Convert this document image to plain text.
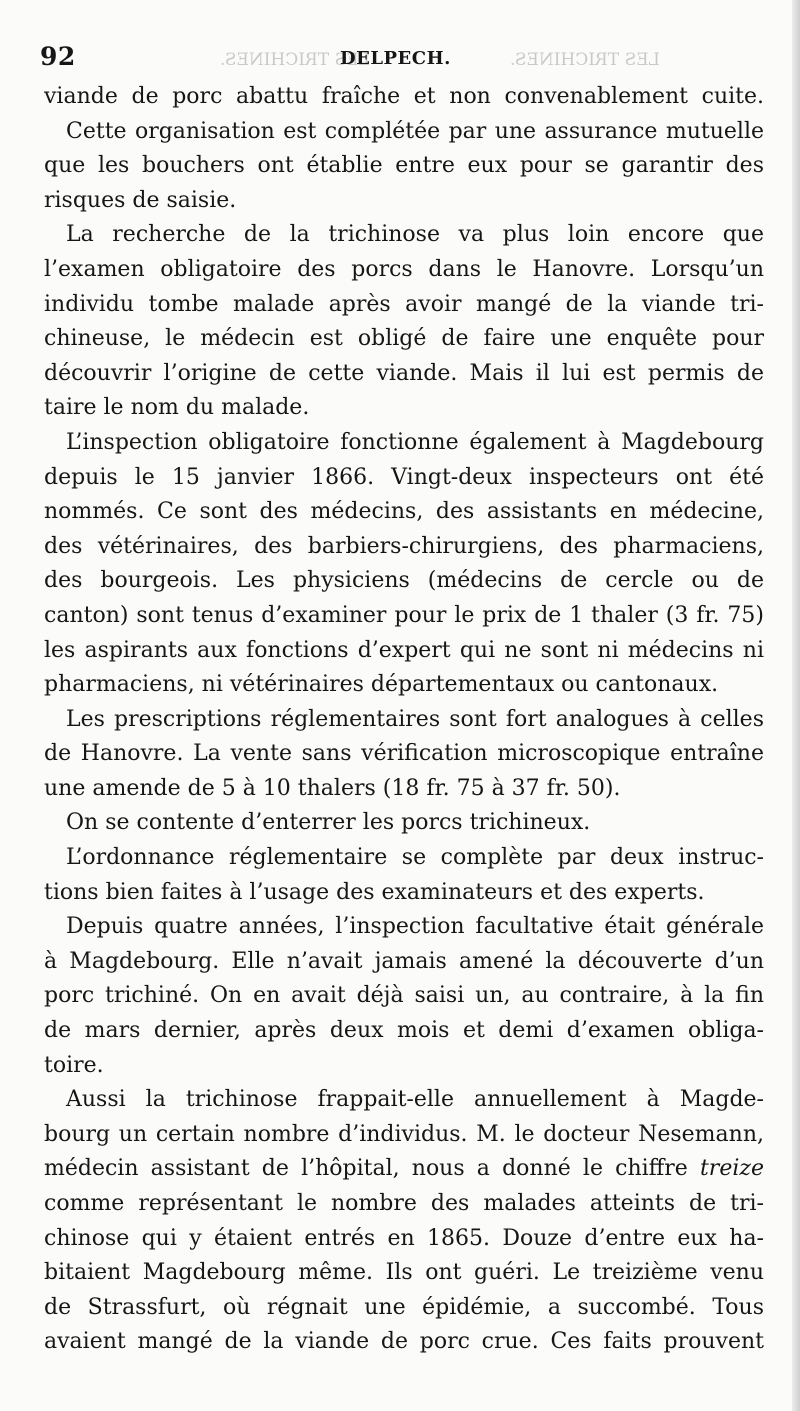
92	LES TRICHINES.
DELPECH.	LES TRICHINES.
viande de porc abattu fraîche et non convenablement cuite.
Cette organisation est complétée par une assurance mutuelle
que les bouchers ont établie entre eux pour se garantir des
risques de saisie.
La recherche de la trichinose va plus loin encore que
l’examen obligatoire des porcs dans le Hanovre. Lorsqu’un
individu tombe malade après avoir mangé de la viande tri-
chineuse, le médecin est obligé de faire une enquête pour
découvrir l’origine de cette viande. Mais il lui est permis de
taire le nom du malade.
L’inspection obligatoire fonctionne également à Magdebourg
depuis le 15 janvier 1866. Vingt-deux inspecteurs ont été
nommés. Ce sont des médecins, des assistants en médecine,
des vétérinaires, des barbiers-chirurgiens, des pharmaciens,
des bourgeois. Les physiciens (médecins de cercle ou de
canton) sont tenus d’examiner pour le prix de 1 thaler (3 fr. 75)
les aspirants aux fonctions d’expert qui ne sont ni médecins ni
pharmaciens, ni vétérinaires départementaux ou cantonaux.
Les prescriptions réglementaires sont fort analogues à celles
de Hanovre. La vente sans vérification microscopique entraîne
une amende de 5 à 10 thalers (18 fr. 75 à 37 fr. 50).
On se contente d’enterrer les porcs trichineux.
L’ordonnance réglementaire se complète par deux instruc-
tions bien faites à l’usage des examinateurs et des experts.
Depuis quatre années, l’inspection facultative était générale
à Magdebourg. Elle n’avait jamais amené la découverte d’un
porc trichiné. On en avait déjà saisi un, au contraire, à la fin
de mars dernier, après deux mois et demi d’examen obliga-
toire.
Aussi la trichinose frappait-elle annuellement à Magde-
bourg un certain nombre d’individus. M. le docteur Nesemann,
médecin assistant de l’hôpital, nous a donné le chiffre treize
comme représentant le nombre des malades atteints de tri-
chinose qui y étaient entrés en 1865. Douze d’entre eux ha-
bitaient Magdebourg même. Ils ont guéri. Le treizième venu
de Strassfurt, où régnait une épidémie, a succombé. Tous
avaient mangé de la viande de porc crue. Ces faits prouvent
